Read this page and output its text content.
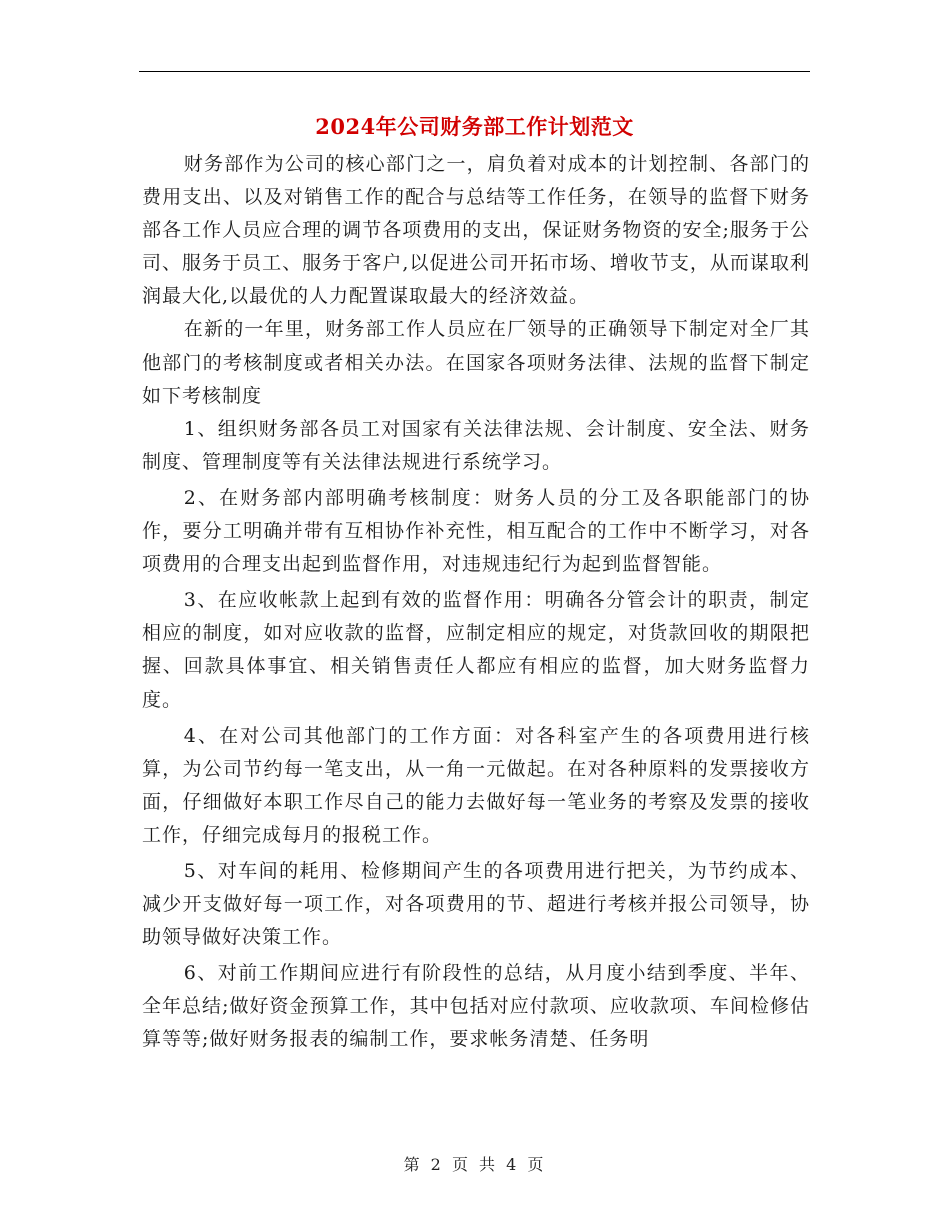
2024年公司财务部工作计划范文

财务部作为公司的核心部门之一，肩负着对成本的计划控制、各部门的费用支出、以及对销售工作的配合与总结等工作任务，在领导的监督下财务部各工作人员应合理的调节各项费用的支出，保证财务物资的安全;服务于公司、服务于员工、服务于客户,以促进公司开拓市场、增收节支，从而谋取利润最大化,以最优的人力配置谋取最大的经济效益。

在新的一年里，财务部工作人员应在厂领导的正确领导下制定对全厂其他部门的考核制度或者相关办法。在国家各项财务法律、法规的监督下制定如下考核制度

1、组织财务部各员工对国家有关法律法规、会计制度、安全法、财务制度、管理制度等有关法律法规进行系统学习。

2、在财务部内部明确考核制度：财务人员的分工及各职能部门的协作，要分工明确并带有互相协作补充性，相互配合的工作中不断学习，对各项费用的合理支出起到监督作用，对违规违纪行为起到监督智能。

3、在应收帐款上起到有效的监督作用：明确各分管会计的职责，制定相应的制度，如对应收款的监督，应制定相应的规定，对货款回收的期限把握、回款具体事宜、相关销售责任人都应有相应的监督，加大财务监督力度。

4、在对公司其他部门的工作方面：对各科室产生的各项费用进行核算，为公司节约每一笔支出，从一角一元做起。在对各种原料的发票接收方面，仔细做好本职工作尽自己的能力去做好每一笔业务的考察及发票的接收工作，仔细完成每月的报税工作。

5、对车间的耗用、检修期间产生的各项费用进行把关，为节约成本、减少开支做好每一项工作，对各项费用的节、超进行考核并报公司领导，协助领导做好决策工作。

6、对前工作期间应进行有阶段性的总结，从月度小结到季度、半年、全年总结;做好资金预算工作，其中包括对应付款项、应收款项、车间检修估算等等;做好财务报表的编制工作，要求帐务清楚、任务明

第 2 页 共 4 页
